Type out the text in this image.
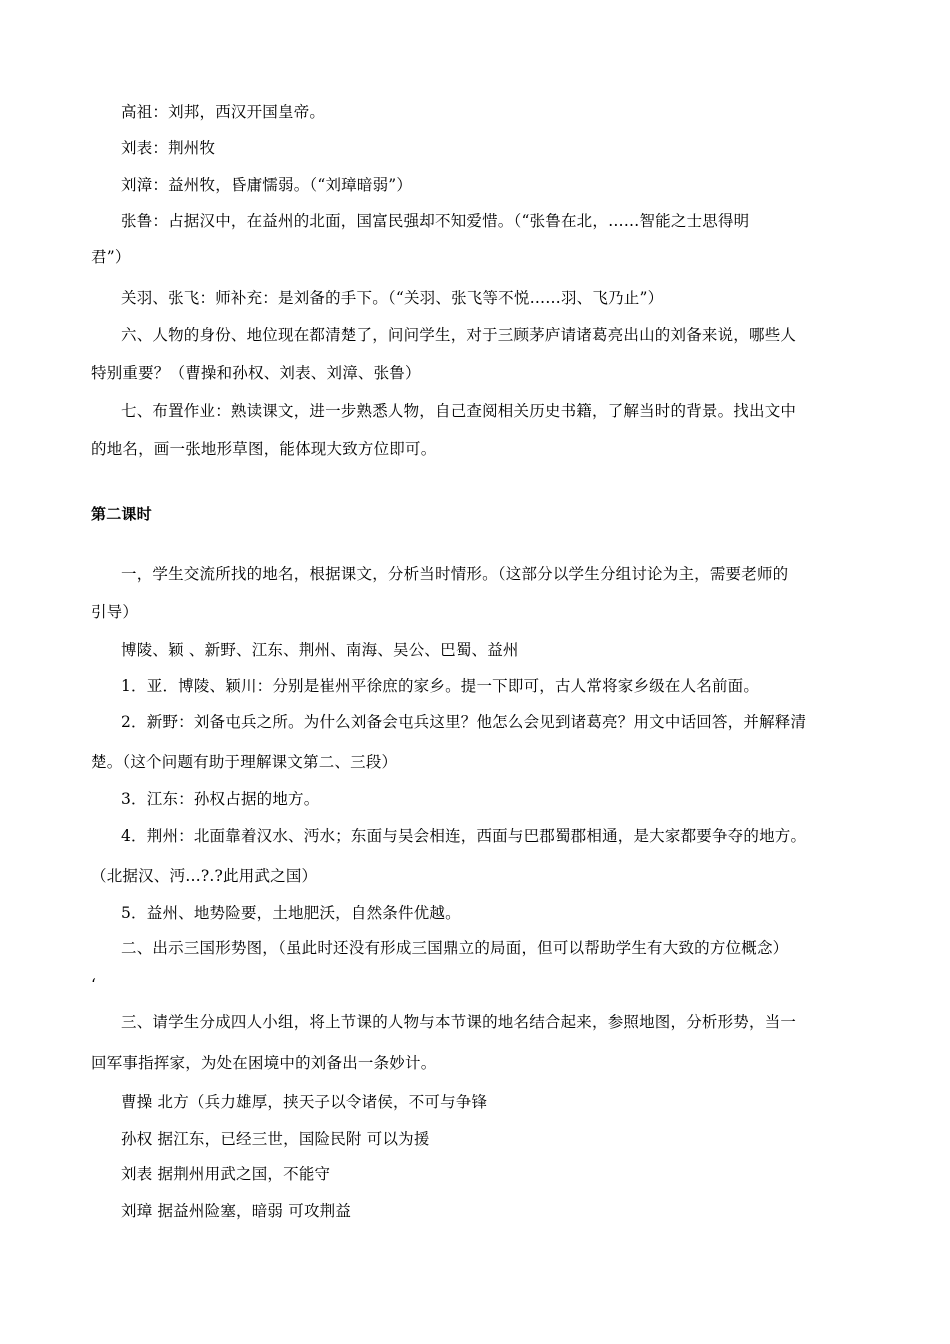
高祖：刘邦，西汉开国皇帝。
刘表：荆州牧
刘漳：益州牧，昏庸懦弱。（“刘璋暗弱”）
张鲁：占据汉中，在益州的北面，国富民强却不知爱惜。（“张鲁在北，……智能之士思得明
君”）
关羽、张飞：师补充：是刘备的手下。（“关羽、张飞等不悦……羽、飞乃止”）
六、人物的身份、地位现在都清楚了，问问学生，对于三顾茅庐请诸葛亮出山的刘备来说，哪些人
特别重要？（曹操和孙权、刘表、刘漳、张鲁）
七、布置作业：熟读课文，进一步熟悉人物，自己查阅相关历史书籍，了解当时的背景。找出文中
的地名，画一张地形草图，能体现大致方位即可。
第二课时
一，学生交流所找的地名，根据课文，分析当时情形。（这部分以学生分组讨论为主，需要老师的
引导）
博陵、颖 、新野、江东、荆州、南海、吴公、巴蜀、益州
1．亚．博陵、颖川：分别是崔州平徐庶的家乡。提一下即可，古人常将家乡级在人名前面。
2．新野：刘备屯兵之所。为什么刘备会屯兵这里？他怎么会见到诸葛亮？用文中话回答，并解释清
楚。（这个问题有助于理解课文第二、三段）
3．江东：孙权占据的地方。
4．荆州：北面靠着汉水、沔水；东面与吴会相连，西面与巴郡蜀郡相通，是大家都要争夺的地方。
（北据汉、沔…?.?此用武之国）
5．益州、地势险要，土地肥沃，自然条件优越。
二、出示三国形势图，（虽此时还没有形成三国鼎立的局面，但可以帮助学生有大致的方位概念）
‘
三、请学生分成四人小组，将上节课的人物与本节课的地名结合起来，参照地图，分析形势，当一
回军事指挥家，为处在困境中的刘备出一条妙计。
曹操 北方（兵力雄厚，挟天子以令诸侯，不可与争锋
孙权 据江东，已经三世，国险民附 可以为援
刘表 据荆州用武之国，不能守
刘璋 据益州险塞，暗弱 可攻荆益
